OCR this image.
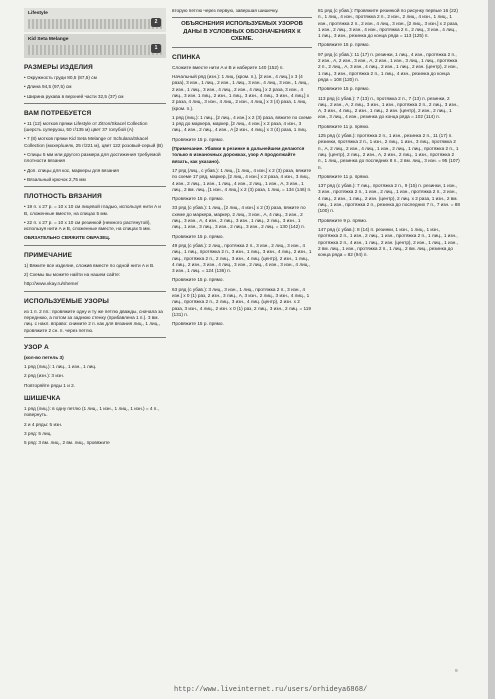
Lifestyle
2
Kid Seta Melange
1
РАЗМЕРЫ ИЗДЕЛИЯ

• Окружность груди 80,5 (87,5) см

• Длина 94,5 (97,5) см

• Ширина рукава в верхней части 32,5 (37) см

ВАМ ПОТРЕБУЕТСЯ

• 11 (12) мотков пряжи Lifestyle от Zitron/Skacel Collection (шерсть суперуош, 50 г/135 м) цвет 37 голубой (A)

• 7 (8) мотков пряжи Kid Seta Melange от Schulana/Skacel Collection (мохер/шелк, 25 г/221 м), цвет 122 розовый-серый (B)

• Спицы 5 мм или другого размера для достижения требуемой плотности вязания

• Доп. спицы для кос, маркеры для вязания

• Вязальный крючок 2,75 мм

ПЛОТНОСТЬ ВЯЗАНИЯ

• 19 п. x 27 р. = 10 x 10 см лицевой гладью, используя нити A и B, сложенные вместе, на спицах 5 мм.

• 22 п. x 27 р. = 10 x 10 см резинкой (немного растянутой), используя нити A и B, сложенные вместе, на спицах 5 мм.

ОБЯЗАТЕЛЬНО СВЯЖИТЕ ОБРАЗЕЦ.

ПРИМЕЧАНИЕ

1) Вяжите все изделие, сложив вместе по одной нити A и B.

2) Схемы вы можете найти на нашем сайте:

http://www.vkay.ru/sheme/

ИСПОЛЬЗУЕМЫЕ УЗОРЫ

из 1 п. 2 пп.: провяжите одну и ту же петлю дважды, сначала за переднюю, а потом за заднюю стенку (прибавлена 1 п.). 3 вм. лиц. с накл. вправо: снимите 2 п. как для вязания лиц., 1 лиц., провяжите 2 сн. п. через петлю.

УЗОР А

(кол-во петель 3)

1 ряд (лиц.): 1 лиц., 1 изн., 1 лиц.

2 ряд (изн.): 3 изн.

Повторяйте ряды 1 и 2.

ШИШЕЧКА

1 ряд (лиц.): в одну петлю (1 лиц., 1 изн., 1 лиц., 1 изн.) = 4 п., повернуть.

2 и 4 ряды: 5 изн.

3 ряд: 5 лиц.

5 ряд: 3 вм. лиц., 2 вм. лиц., провяжите

вторую петлю через первую, завершая шишечку.

ОБЪЯСНЕНИЯ ИСПОЛЬЗУЕМЫХ УЗОРОВ ДАНЫ В УСЛОВНЫХ ОБОЗНАЧЕНИЯХ К СХЕМЕ.
СПИНКА

Сложите вместе нити A и B и наберите 140 (152) п.

Начальный ряд (изн.): 1 лиц. (кром. п.), [2 изн., 4 лиц.] x 3 (4 раза), 3 изн., 1 лиц., 2 изн., 1 лиц., 3 изн., 4 лиц., 3 изн., 1 лиц., 2 изн., 1 лиц., 3 изн., 4 лиц., 2 изн., 4 лиц.] x 2 раза, 3 изн., 4 лиц., 3 изн. 1 лиц., 2 изн., 1 лиц., 3 изн., 4 лиц., 3 изн., 4 лиц.] x 2 раза, 4 лиц., 3 изн., 4 лиц., 2 изн., 4 лиц.] x 3 (4) раза, 1 лиц. (кром. п.).

1 ряд (лиц.): 1 лиц., [2 лиц., 4 изн.] x 2 (3) раза, вяжите по схеме 1 ряд до маркера, маркер, [2 лиц., 4 изн.] x 2 раза, 4 изн., 3 лиц., 4 изн., 2 лиц., 4 изн., A [2 изн., 4 лиц.] x 3 (4) раза, 1 лиц.

Провяжите 15 р. прямо.

(Примечание. Убавки в резинке в дальнейшем делаются только в изнаночных дорожках, узор A продолжайте вязать, как указано).

17 ряд (лиц., с убав.): 1 лиц., [1 лиц., 4 изн.] x 2 (3) раза, вяжите по схеме 17 ряд, маркер, [2 лиц., 4 изн.] x 2 раза, 4 изн., 3 лиц., 4 изн., 2 лиц., 1 изн., 1 лиц., 4 изн., 2 лиц., 1 изн., A, 3 изн., 1 лиц., 2 вм. лиц., [1 изн., 4 лиц.] x 2 (3) раза, 1 лиц. = 134 (146) п.

Провяжите 15 р. прямо.

33 ряд (с убав.): 1 лиц., [2 лиц., 4 изн.] x 2 (3) раза, вяжите по схеме до маркера, маркер, 2 лиц., 3 изн., A, 4 лиц., 3 изн., 2 лиц., 3 изн., A, 4 изн., 2 лиц., 3 изн., 1 лиц., 2 лиц., 3 изн., 1 лиц., 1 изн., 3 лиц., 3 изн., 2 лиц., 3 изн., 2 лиц. = 130 (142) п.

Провяжите 15 р. прямо.

49 ряд (с убав.): 2 лиц., протяжка 2 п., 3 изн., 2 лиц., 3 изн., 4 лиц., 1 лиц., протяжка 2 п., 3 изн., 1 лиц., 3 изн., 4 лиц., 2 изн., 1 лиц., протяжка 2 п., 2 лиц., 3 изн., 4 лиц. (центр), 2 изн., 1 лиц., 4 лиц., 2 изн., 3 изн., 4 лиц., 3 изн., 2 лиц., 4 изн., 3 изн., 4 лиц., 3 изн., 1 лиц. = 124 (136) п.

Провяжите 15 р. прямо.

63 ряд (с убав.): 3 лиц., 3 изн., 1 лиц., протяжка 2 п., 3 изн., 4 изн.] x 0 (1) раз, 2 изн., 3 лиц., A, 3 изн., 2 лиц., 3 изн., 4 лиц., 1 лиц., протяжка 2 п., 2 лиц., 3 изн., 4 лиц. (центр), 2 изн. x 2 раза, 3 изн., 4 лиц., 2 изн. x 0 (1) раз, 2 лиц., 3 изн., 2 лиц. = 119 (131) п.

Провяжите 15 р. прямо.

81 ряд (с убав.): Провяжите резинкой по рисунку первые 16 (22) п., 1 лиц., 4 изн., протяжка 2 п., 2 изн., 2 лиц., 4 изн., 1 лиц., 1 изн., протяжка 2 п., 2 изн., 4 лиц., 3 изн., [2 лиц., 3 изн.] x 2 раза, 1 изн., 2 лиц., 3 изн., 4 изн., протяжка 2 п., 2 лиц., 3 изн., 4 лиц., 1 лиц., 3 изн., резинка до конца ряда = 113 (125) п.

Провяжите 15 р. прямо.

97 ряд (с убав.): 11 (17) п. резинки, 1 лиц., 4 изн., протяжка 2 п., 2 изн., A, 2 изн., 3 изн., A, 2 изн., 1 изн., 3 лиц., 1 лиц., протяжка 2 п., 2 лиц., A, 3 изн., 4 лиц., 2 изн., 1 лиц., 2 изн. (центр), 2 изн., 1 лиц., 3 изн., протяжка 2 п., 1 лиц., 4 изн., резинка до конца ряда = 108 (120) п.

Провяжите 15 р. прямо.

113 ряд (с убав.): 7 (13) п., протяжка 2 п., 7 (13) п. резинки, 2 лиц., 2 изн., A, 2 лиц., 3 изн., 1 изн., протяжка 2 п., 2 лиц., 3 изн., A, 3 изн., 4 лиц., 2 изн., 1 лиц., 2 изн. (центр), 2 изн., 2 лиц., 1 изн., 3 лиц., 4 изн., резинка до конца ряда = 102 (114) п.

Провяжите 11 р. прямо.

125 ряд (с убав.): протяжка 2 п., 1 изн., резинка 2 п., 11 (17) п. резинки, протяжка 2 п., 1 изн., 2 лиц., 1 изн., 3 лиц., протяжка 2 п., A, 2 лиц., 2 изн., 4 лиц., 1 изн., 2 лиц., 1 лиц., протяжка 2 п., 1 лиц. (центр), 2 лиц., 2 изн., A, 2 изн., 2 лиц., 1 изн., протяжка 2 п., 1 лиц., резинка до последних 8 п., 2 вм. лиц., 3 изн. = 95 (107) п.

Провяжите 11 р. прямо.

137 ряд (с убав.): 7 лиц., протяжка 2 п., 9 (15) п. резинки, 1 изн., 3 изн., протяжка 2 п., 1 изн., 2 лиц., 1 изн., протяжка 2 п., 2 изн., 4 лиц., 2 изн., 1 лиц., 2 изн. (центр), 2 лиц. x 2 раза, 1 изн., 2 вм. лиц., 1 изн., протяжка 2 п., резинка до последних 7 п., 7 изн. = 88 (100) п.

Провяжите 9 р. прямо.

147 ряд (с убав.): 8 (14) п. резинки, 1 изн., 1 лиц., 1 изн., протяжка 2 п., 1 изн., 2 лиц., 1 изн., протяжка 2 п., 1 лиц., 1 изн., протяжка 2 п., 4 изн., 1 лиц., 2 изн. (центр), 2 изн., 1 лиц., 1 изн., 2 вм. лиц., 1 изн., протяжка 2 п., 1 лиц., 2 вм. лиц., резинка до конца ряда = 82 (94) п.

9
http://www.liveinternet.ru/users/orhideya6868/
